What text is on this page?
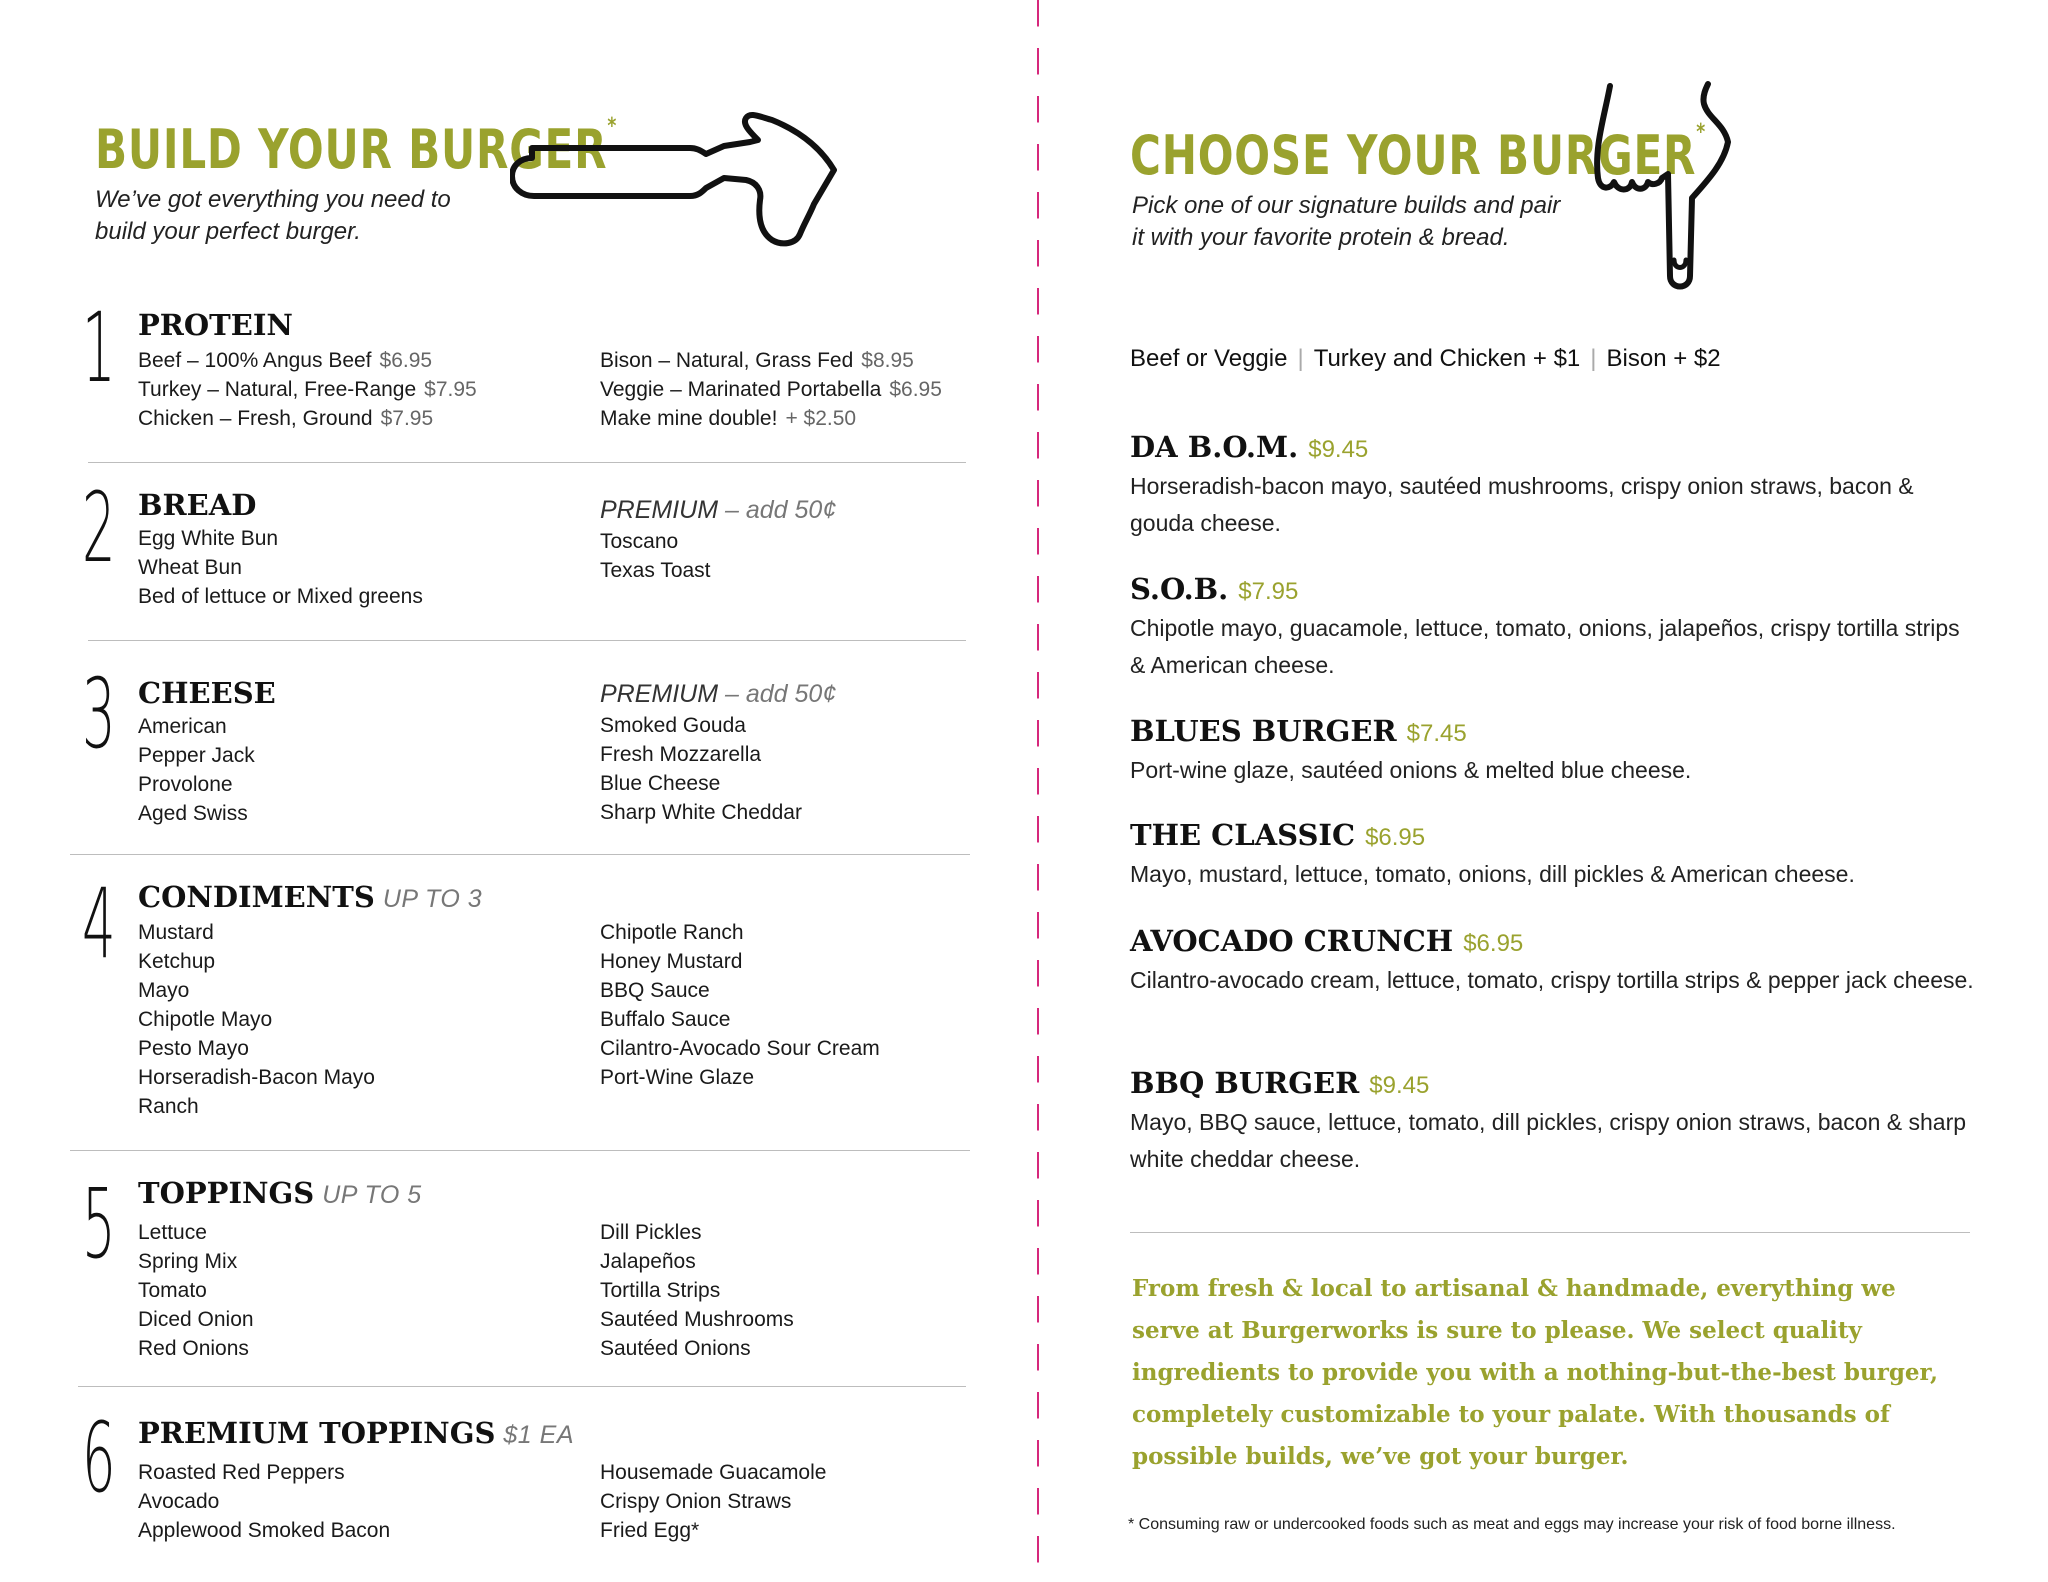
BUILD YOUR BURGER*
We’ve got everything you need to
build your perfect burger.
1 PROTEIN
Beef – 100% Angus Beef $6.95
Turkey – Natural, Free-Range $7.95
Chicken – Fresh, Ground $7.95
Bison – Natural, Grass Fed $8.95
Veggie – Marinated Portabella $6.95
Make mine double! + $2.50
2 BREAD
Egg White Bun
Wheat Bun
Bed of lettuce or Mixed greens
PREMIUM – add 50¢
Toscano
Texas Toast
3 CHEESE
American
Pepper Jack
Provolone
Aged Swiss
PREMIUM – add 50¢
Smoked Gouda
Fresh Mozzarella
Blue Cheese
Sharp White Cheddar
4 CONDIMENTS UP TO 3
Mustard
Ketchup
Mayo
Chipotle Mayo
Pesto Mayo
Horseradish-Bacon Mayo
Ranch
Chipotle Ranch
Honey Mustard
BBQ Sauce
Buffalo Sauce
Cilantro-Avocado Sour Cream
Port-Wine Glaze
5 TOPPINGS UP TO 5
Lettuce
Spring Mix
Tomato
Diced Onion
Red Onions
Dill Pickles
Jalapeños
Tortilla Strips
Sautéed Mushrooms
Sautéed Onions
6 PREMIUM TOPPINGS $1 EA
Roasted Red Peppers
Avocado
Applewood Smoked Bacon
Housemade Guacamole
Crispy Onion Straws
Fried Egg*
CHOOSE YOUR BURGER*
Pick one of our signature builds and pair
it with your favorite protein & bread.
Beef or Veggie | Turkey and Chicken + $1 | Bison + $2
DA B.O.M. $9.45
Horseradish-bacon mayo, sautéed mushrooms, crispy onion straws, bacon & gouda cheese.
S.O.B. $7.95
Chipotle mayo, guacamole, lettuce, tomato, onions, jalapeños, crispy tortilla strips & American cheese.
BLUES BURGER $7.45
Port-wine glaze, sautéed onions & melted blue cheese.
THE CLASSIC $6.95
Mayo, mustard, lettuce, tomato, onions, dill pickles & American cheese.
AVOCADO CRUNCH $6.95
Cilantro-avocado cream, lettuce, tomato, crispy tortilla strips & pepper jack cheese.
BBQ BURGER $9.45
Mayo, BBQ sauce, lettuce, tomato, dill pickles, crispy onion straws, bacon & sharp white cheddar cheese.
From fresh & local to artisanal & handmade, everything we serve at Burgerworks is sure to please. We select quality ingredients to provide you with a nothing-but-the-best burger, completely customizable to your palate. With thousands of possible builds, we’ve got your burger.
* Consuming raw or undercooked foods such as meat and eggs may increase your risk of food borne illness.
